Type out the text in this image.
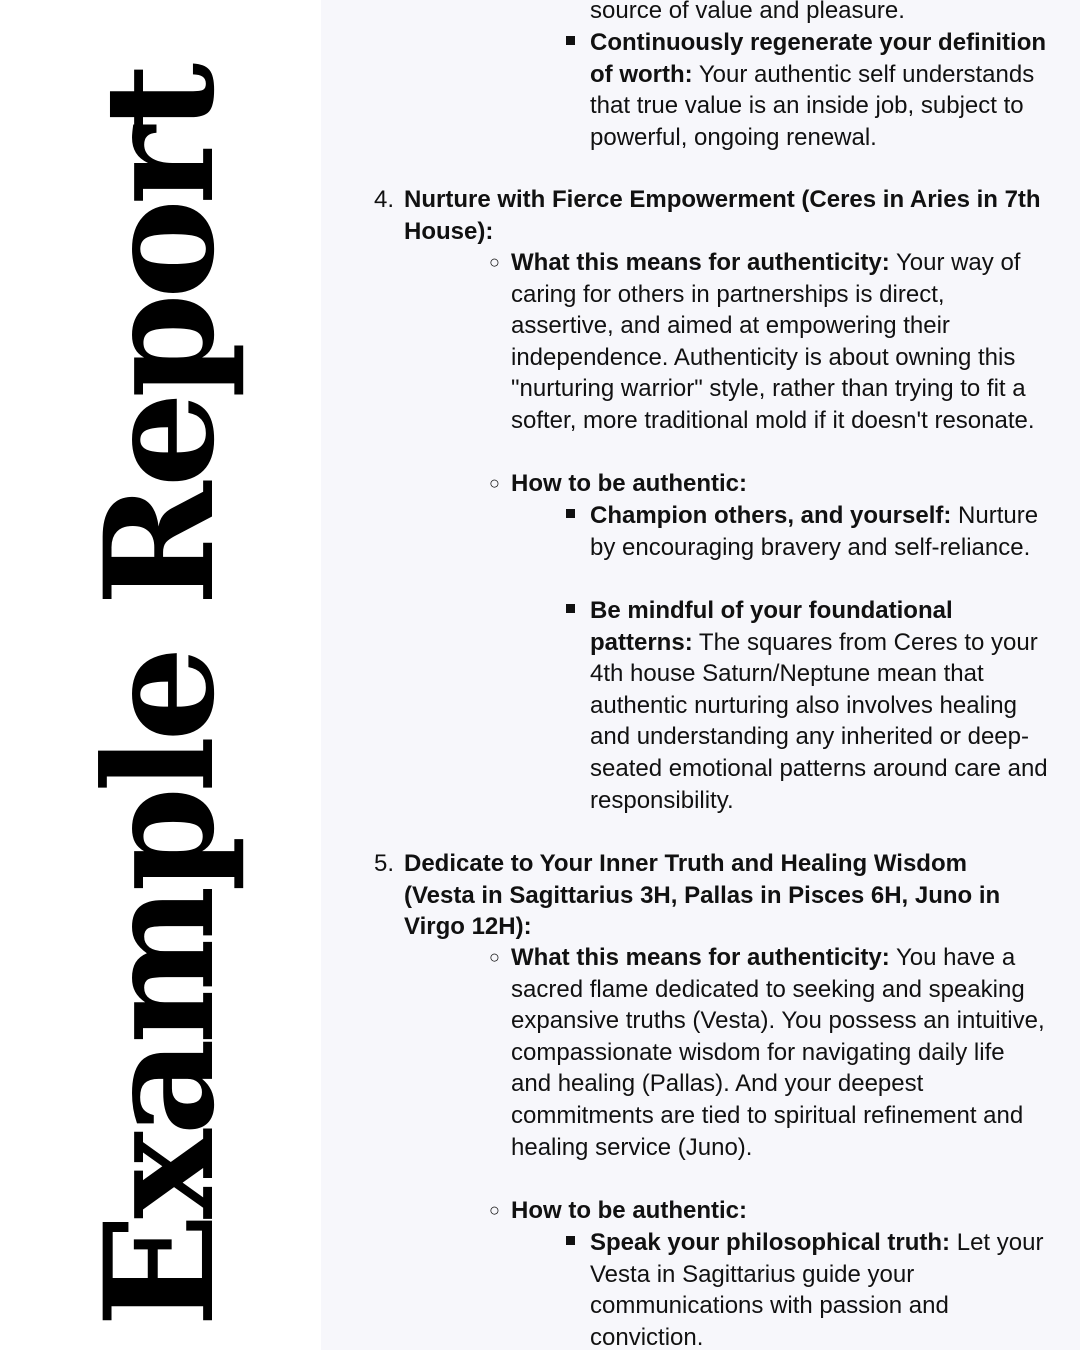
Example Report
source of value and pleasure.
Continuously regenerate your definition of worth: Your authentic self understands that true value is an inside job, subject to powerful, ongoing renewal.
4. Nurture with Fierce Empowerment (Ceres in Aries in 7th House):
○ What this means for authenticity: Your way of caring for others in partnerships is direct, assertive, and aimed at empowering their independence. Authenticity is about owning this "nurturing warrior" style, rather than trying to fit a softer, more traditional mold if it doesn't resonate.
○ How to be authentic:
Champion others, and yourself: Nurture by encouraging bravery and self-reliance.
Be mindful of your foundational patterns: The squares from Ceres to your 4th house Saturn/Neptune mean that authentic nurturing also involves healing and understanding any inherited or deep-seated emotional patterns around care and responsibility.
5. Dedicate to Your Inner Truth and Healing Wisdom (Vesta in Sagittarius 3H, Pallas in Pisces 6H, Juno in Virgo 12H):
○ What this means for authenticity: You have a sacred flame dedicated to seeking and speaking expansive truths (Vesta). You possess an intuitive, compassionate wisdom for navigating daily life and healing (Pallas). And your deepest commitments are tied to spiritual refinement and healing service (Juno).
○ How to be authentic:
Speak your philosophical truth: Let your Vesta in Sagittarius guide your communications with passion and conviction.
